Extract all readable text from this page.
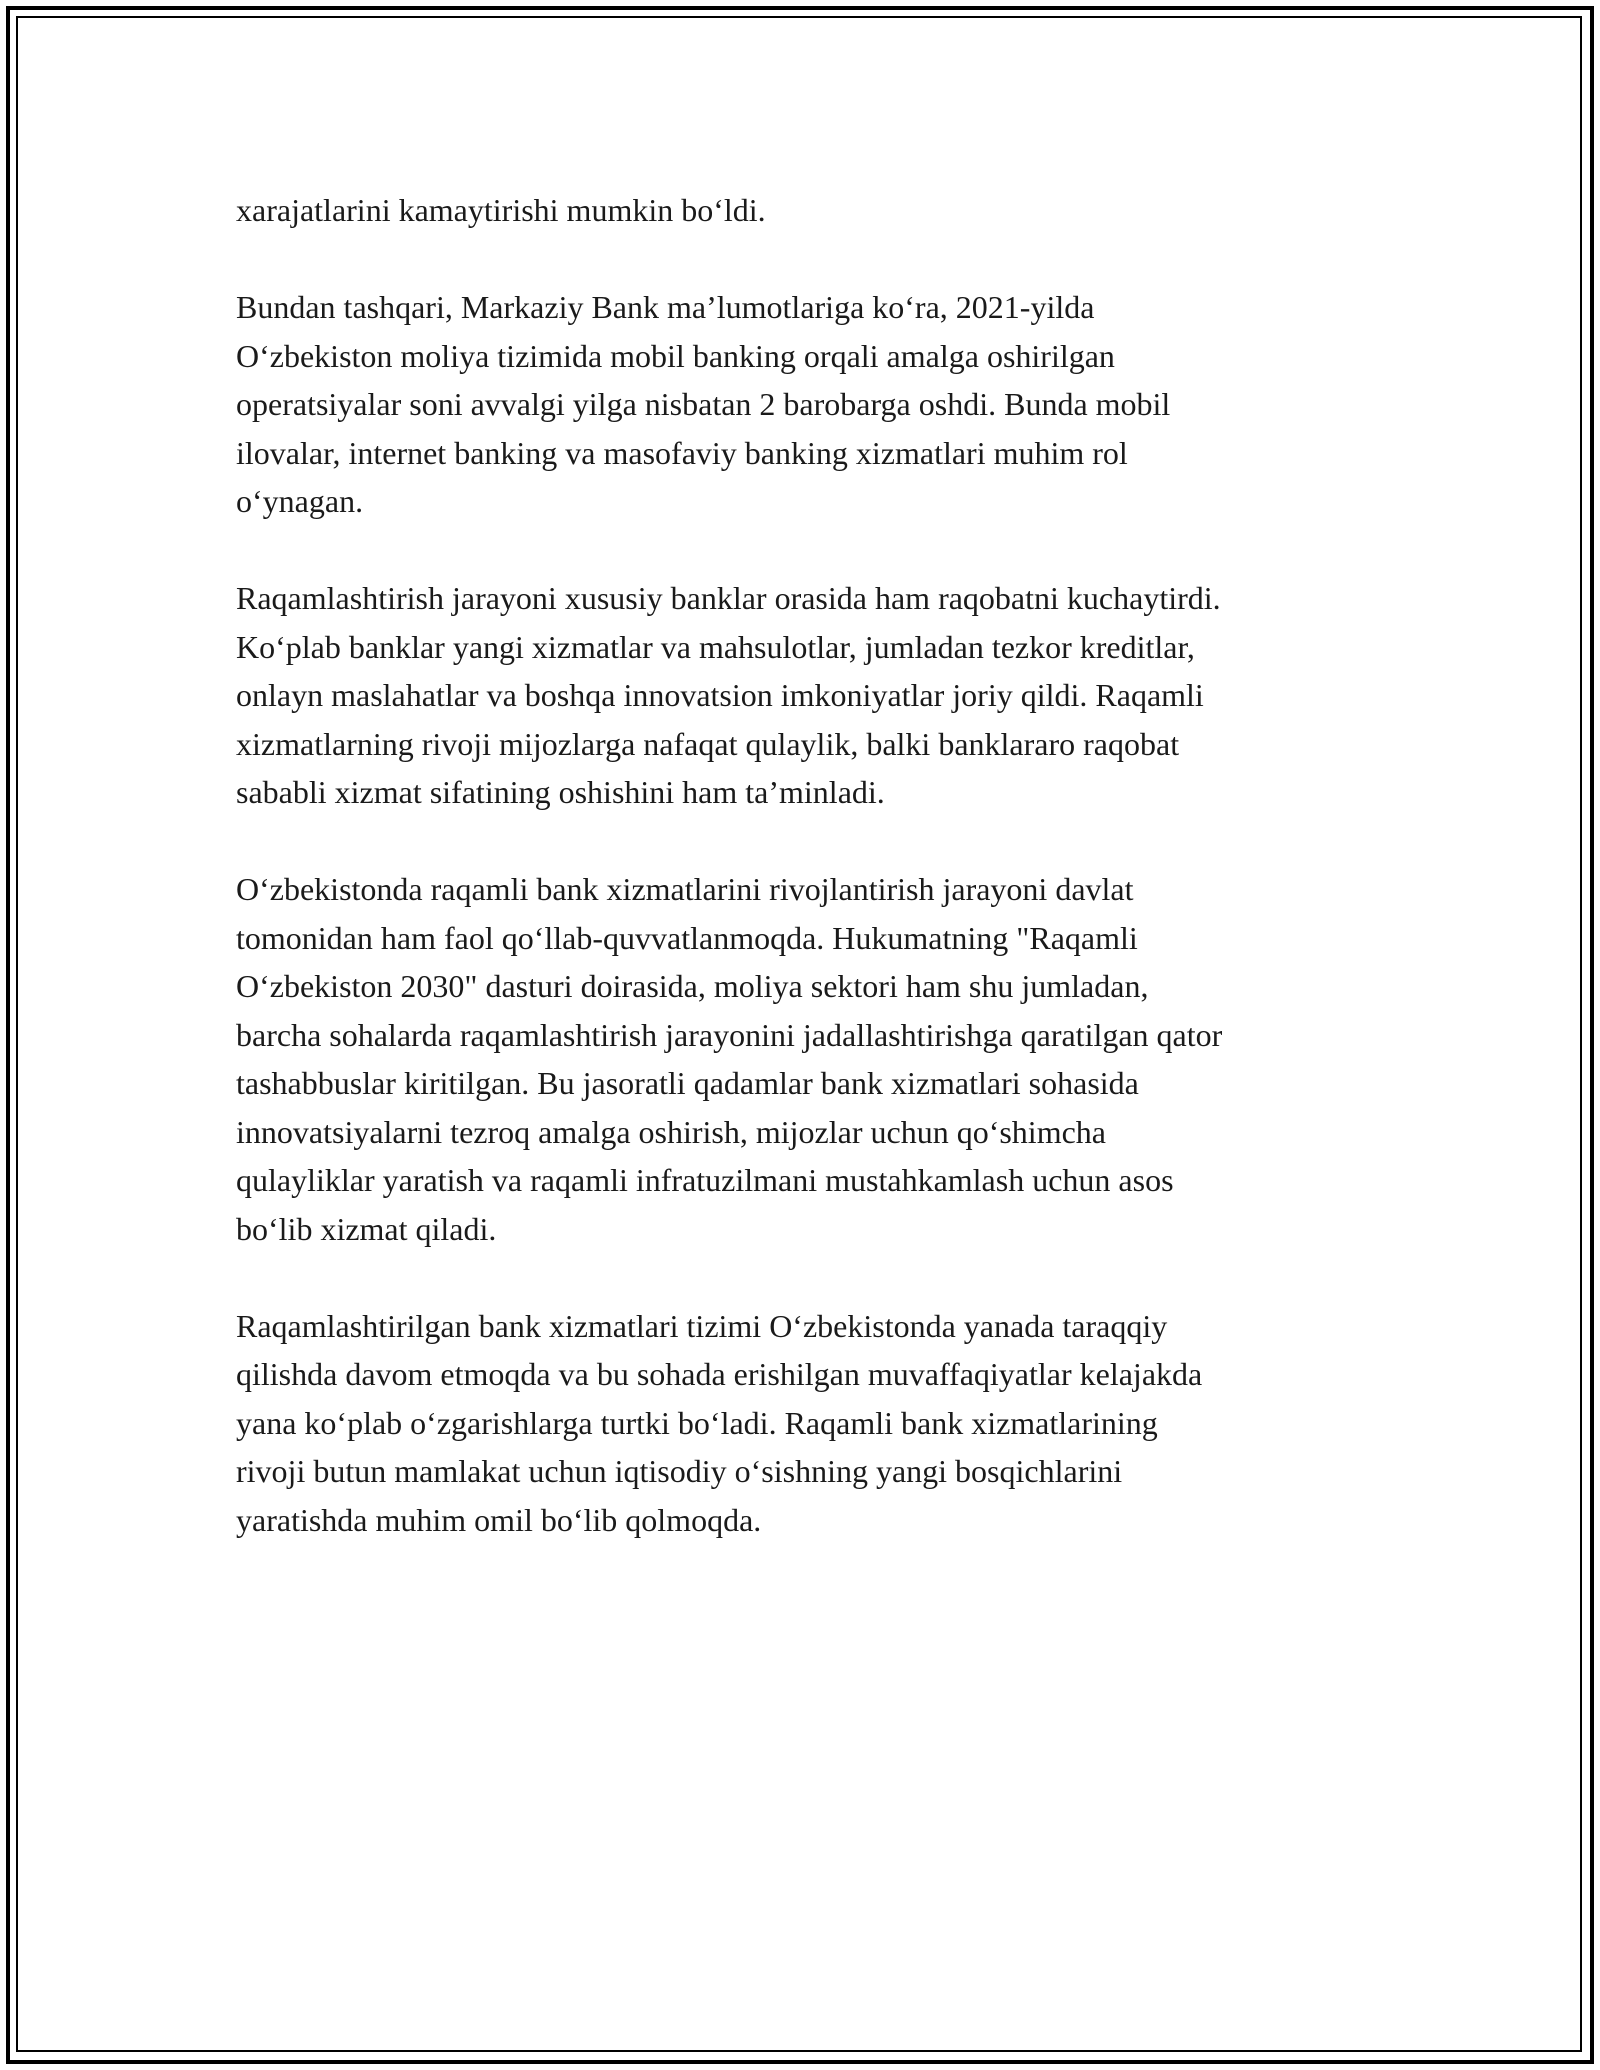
xarajatlarini kamaytirishi mumkin bo‘ldi.

Bundan tashqari, Markaziy Bank ma’lumotlariga ko‘ra, 2021-yilda
O‘zbekiston moliya tizimida mobil banking orqali amalga oshirilgan
operatsiyalar soni avvalgi yilga nisbatan 2 barobarga oshdi. Bunda mobil
ilovalar, internet banking va masofaviy banking xizmatlari muhim rol
o‘ynagan.

Raqamlashtirish jarayoni xususiy banklar orasida ham raqobatni kuchaytirdi.
Ko‘plab banklar yangi xizmatlar va mahsulotlar, jumladan tezkor kreditlar,
onlayn maslahatlar va boshqa innovatsion imkoniyatlar joriy qildi. Raqamli
xizmatlarning rivoji mijozlarga nafaqat qulaylik, balki banklararo raqobat
sababli xizmat sifatining oshishini ham ta’minladi.

O‘zbekistonda raqamli bank xizmatlarini rivojlantirish jarayoni davlat
tomonidan ham faol qo‘llab-quvvatlanmoqda. Hukumatning "Raqamli
O‘zbekiston 2030" dasturi doirasida, moliya sektori ham shu jumladan,
barcha sohalarda raqamlashtirish jarayonini jadallashtirishga qaratilgan qator
tashabbuslar kiritilgan. Bu jasoratli qadamlar bank xizmatlari sohasida
innovatsiyalarni tezroq amalga oshirish, mijozlar uchun qo‘shimcha
qulayliklar yaratish va raqamli infratuzilmani mustahkamlash uchun asos
bo‘lib xizmat qiladi.

Raqamlashtirilgan bank xizmatlari tizimi O‘zbekistonda yanada taraqqiy
qilishda davom etmoqda va bu sohada erishilgan muvaffaqiyatlar kelajakda
yana ko‘plab o‘zgarishlarga turtki bo‘ladi. Raqamli bank xizmatlarining
rivoji butun mamlakat uchun iqtisodiy o‘sishning yangi bosqichlarini
yaratishda muhim omil bo‘lib qolmoqda.
